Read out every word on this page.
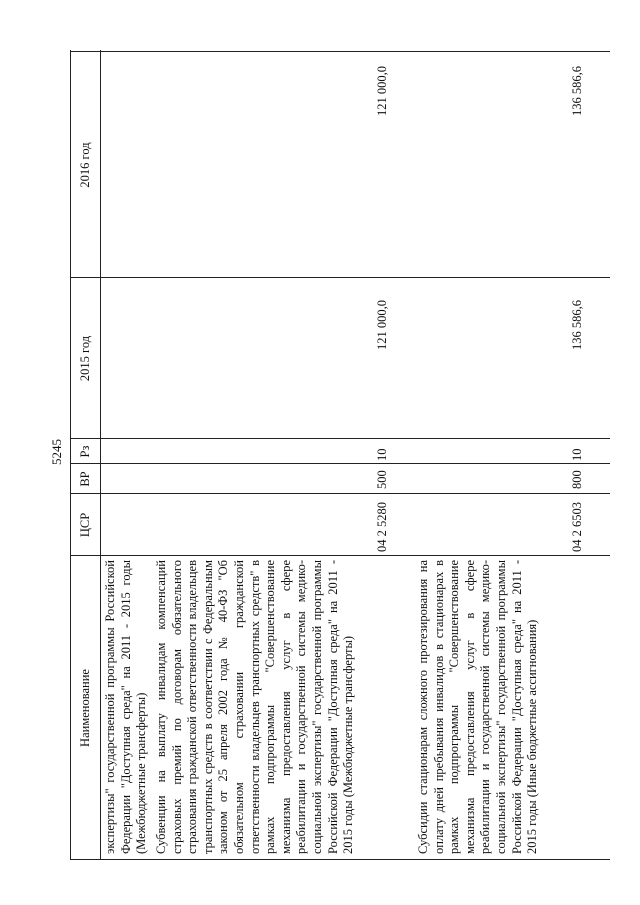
5245
Наименование
ЦСР
ВР
Рз
2015 год
2016 год
экспертизы" государственной программы Российской Федерации "Доступная среда" на 2011 - 2015 годы (Межбюджетные трансферты) Субвенции на выплату инвалидам компенсаций страховых премий по договорам обязательного страхования гражданской ответственности владельцев транспортных средств в соответствии с Федеральным законом от 25 апреля 2002 года № 40-ФЗ "Об обязательном страховании гражданской ответственности владельцев транспортных средств" в рамках подпрограммы "Совершенствование механизма предоставления услуг в сфере реабилитации и государственной системы медико-социальной экспертизы" государственной программы Российской Федерации "Доступная среда" на 2011 - 2015 годы (Межбюджетные трансферты)
04 2 5280
500
10
121 000,0
121 000,0
Субсидии стационарам сложного протезирования на оплату дней пребывания инвалидов в стационарах в рамках подпрограммы "Совершенствование механизма предоставления услуг в сфере реабилитации и государственной системы медико-социальной экспертизы" государственной программы Российской Федерации "Доступная среда" на 2011 - 2015 годы (Иные бюджетные ассигнования)
04 2 6503
800
10
136 586,6
136 586,6
